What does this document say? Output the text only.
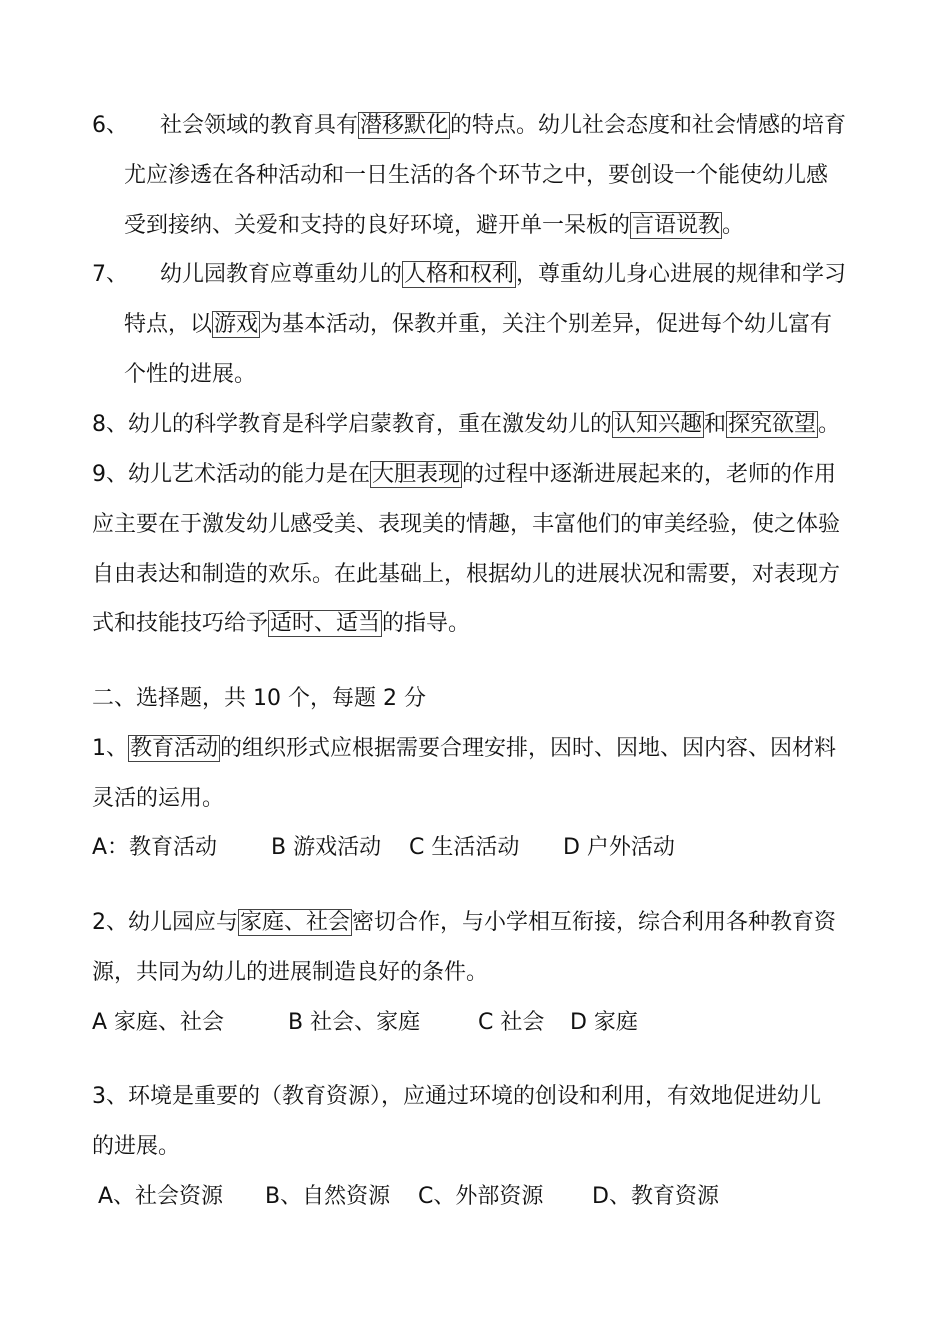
6、 社会领域的教育具有潜移默化的特点。幼儿社会态度和社会情感的培育
尤应渗透在各种活动和一日生活的各个环节之中，要创设一个能使幼儿感
受到接纳、关爱和支持的良好环境，避开单一呆板的言语说教。
7、 幼儿园教育应尊重幼儿的人格和权利，尊重幼儿身心进展的规律和学习
特点，以游戏为基本活动，保教并重，关注个别差异，促进每个幼儿富有
个性的进展。
8、幼儿的科学教育是科学启蒙教育，重在激发幼儿的认知兴趣和探究欲望。
9、幼儿艺术活动的能力是在大胆表现的过程中逐渐进展起来的，老师的作用
应主要在于激发幼儿感受美、表现美的情趣，丰富他们的审美经验，使之体验
自由表达和制造的欢乐。在此基础上，根据幼儿的进展状况和需要，对表现方
式和技能技巧给予适时、适当的指导。
二、选择题，共 10 个，每题 2 分
1、教育活动的组织形式应根据需要合理安排，因时、因地、因内容、因材料
灵活的运用。
A：教育活动 B 游戏活动 C 生活活动 D 户外活动
2、幼儿园应与家庭、社会密切合作，与小学相互衔接，综合利用各种教育资
源，共同为幼儿的进展制造良好的条件。
A 家庭、社会	B 社会、家庭	C 社会 D 家庭
3、环境是重要的（教育资源），应通过环境的创设和利用，有效地促进幼儿
的进展。
A、社会资源 B、自然资源 C、外部资源 D、教育资源
